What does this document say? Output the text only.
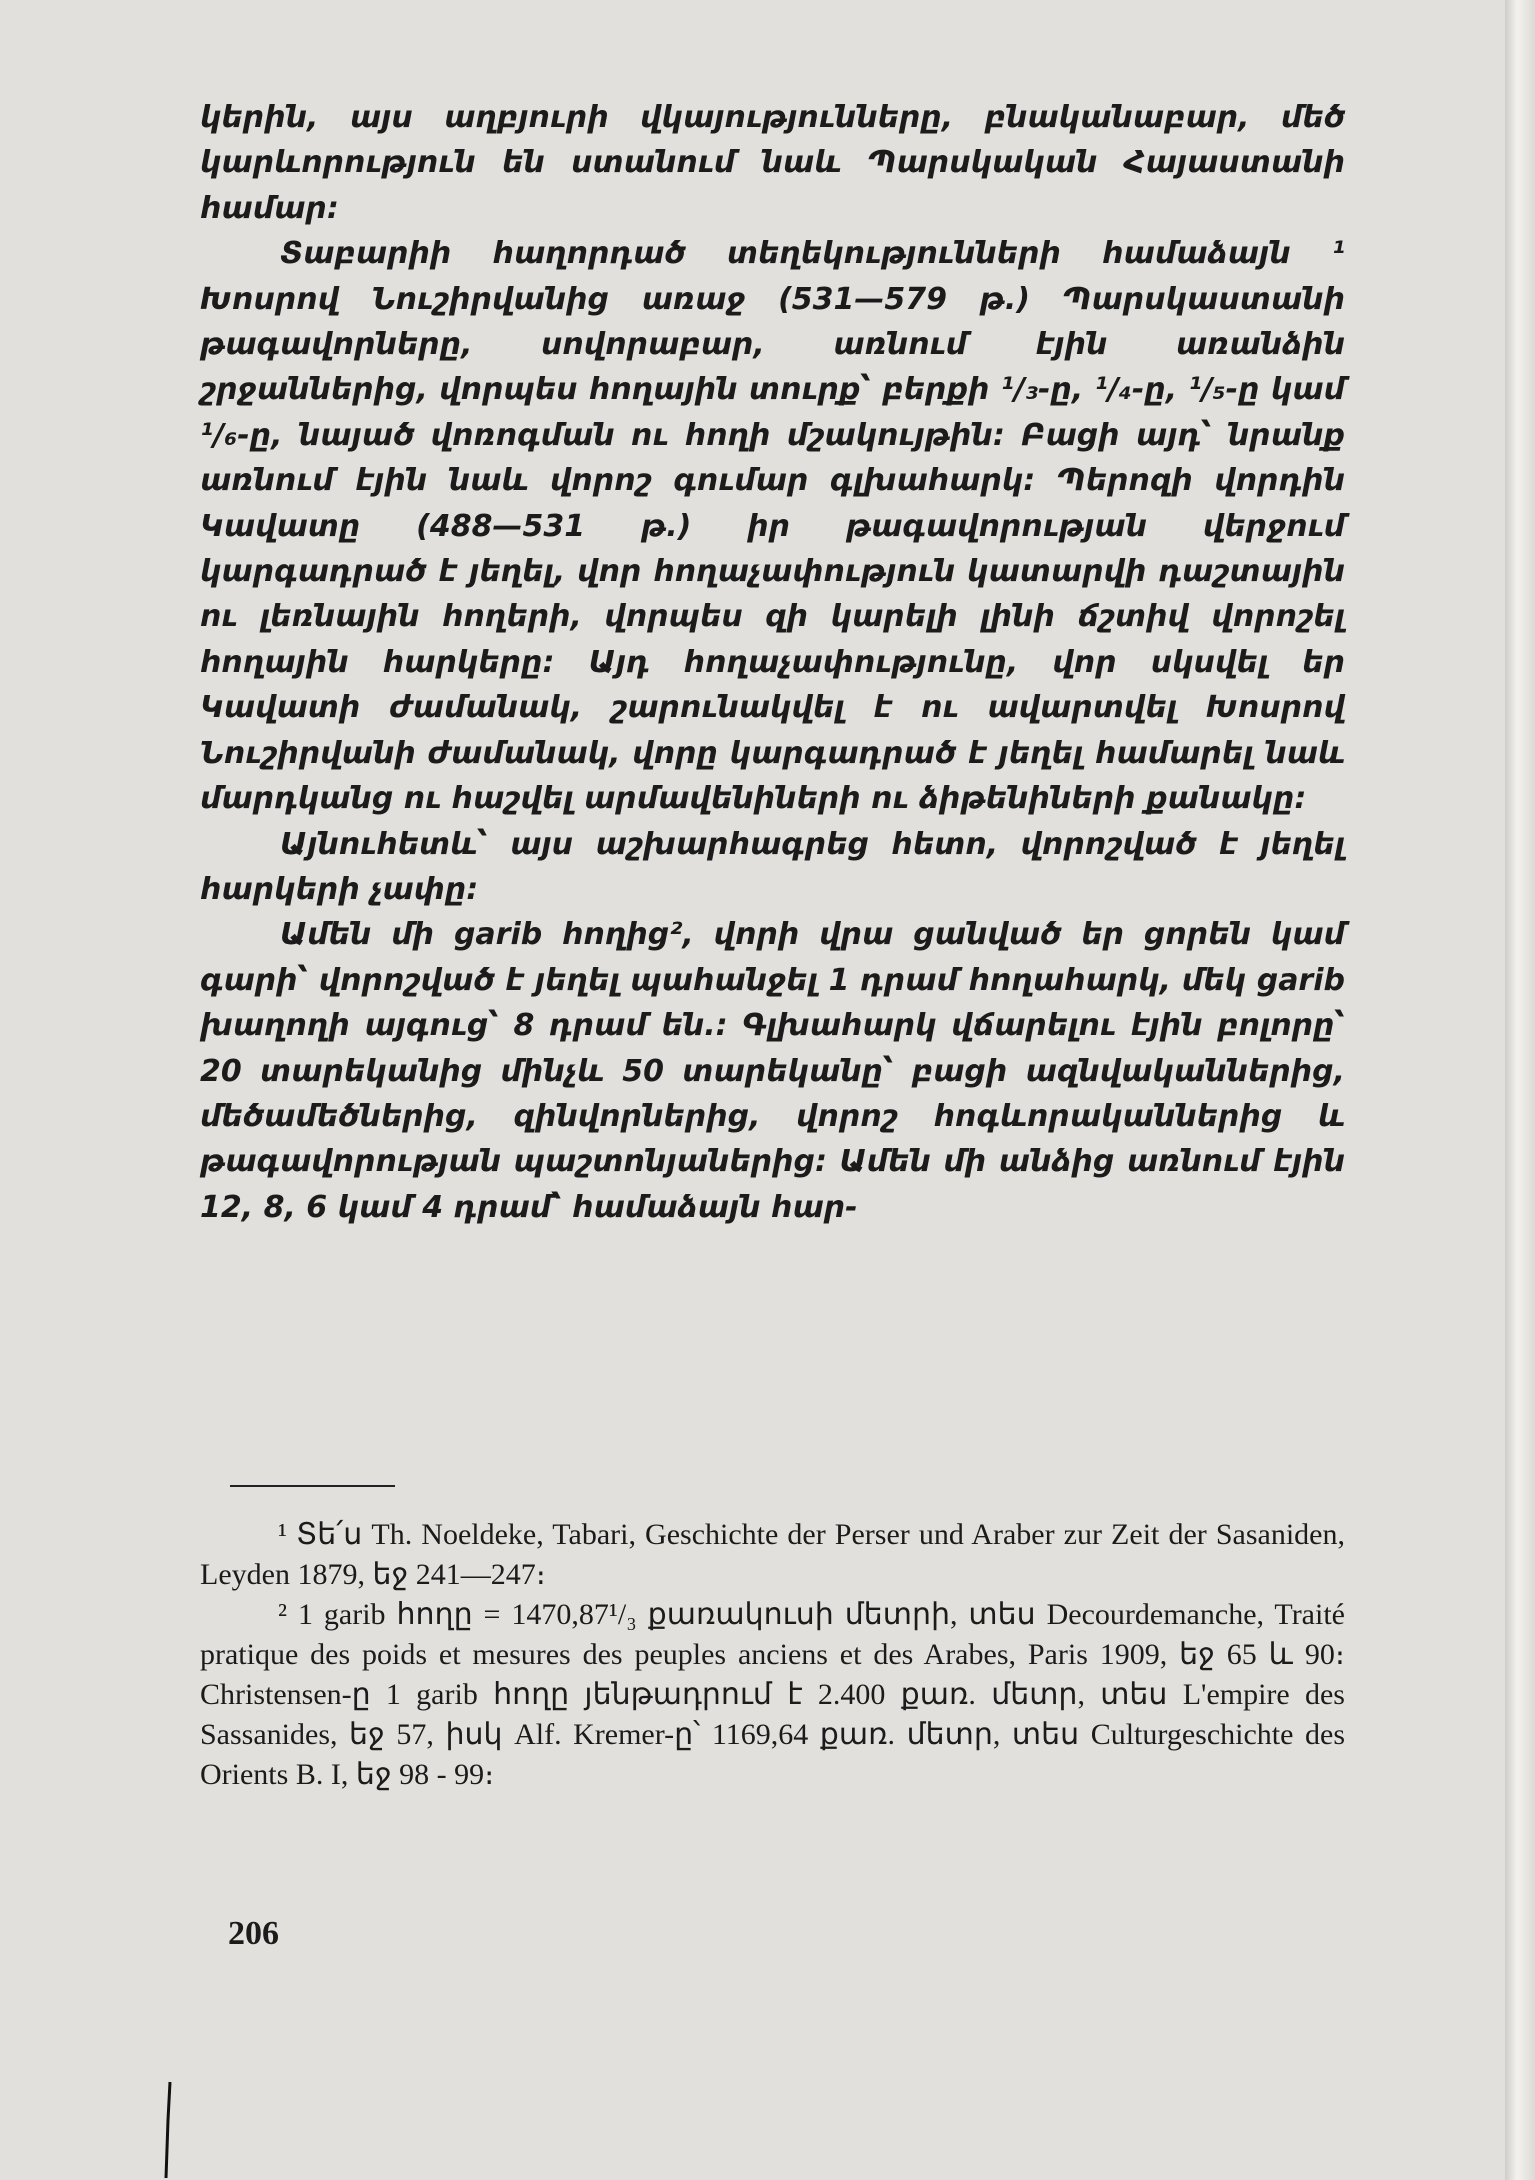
կերին, այս աղբյուրի վկայությունները, բնականաբար, մեծ կարևորություն են ստանում նաև Պարսկական Հայաստանի համար։

Տաբարիի հաղորդած տեղեկությունների համաձայն ¹ Խոսրով Նուշիրվանից առաջ (531—579 թ.) Պարսկաստանի թագավորները, սովորաբար, առնում էյին առանձին շրջաններից, վորպես հողային տուրք՝ բերքի ¹/₃-ը, ¹/₄-ը, ¹/₅-ը կամ ¹/₆-ը, նայած վոռոգման ու հողի մշակույթին։ Բացի այդ՝ նրանք առնում էյին նաև վորոշ գումար գլխահարկ։ Պերոզի վորդին Կավատը (488—531 թ.) իր թագավորության վերջում կարգադրած է յեղել, վոր հողաչափություն կատարվի դաշտային ու լեռնային հողերի, վորպես զի կարելի լինի ճշտիվ վորոշել հողային հարկերը։ Այդ հողաչափությունը, վոր սկսվել եր Կավատի ժամանակ, շարունակվել է ու ավարտվել Խոսրով Նուշիրվանի ժամանակ, վորը կարգադրած է յեղել համարել նաև մարդկանց ու հաշվել արմավենիների ու ձիթենիների քանակը։

Այնուհետև՝ այս աշխարհագրեց հետո, վորոշված է յեղել հարկերի չափը։

Ամեն մի garib հողից², վորի վրա ցանված եր ցորեն կամ գարի՝ վորոշված է յեղել պահանջել 1 դրամ հողահարկ, մեկ garib խաղողի այգուց՝ 8 դրամ են.։ Գլխահարկ վճարելու էյին բոլորը՝ 20 տարեկանից մինչև 50 տարեկանը՝ բացի ազնվականներից, մեծամեծներից, զինվորներից, վորոշ հոգևորականներից և թագավորության պաշտոնյաներից։ Ամեն մի անձից առնում էյին 12, 8, 6 կամ 4 դրամ՝ համաձայն հար-

¹ Տե՛ս Th. Noeldeke, Tabari, Geschichte der Perser und Araber zur Zeit der Sasaniden, Leyden 1879, եջ 241—247։

² 1 garib հողը = 1470,87¹/₃ քառակուսի մետրի, տես Decourdemanche, Traité pratique des poids et mesures des peuples anciens et des Arabes, Paris 1909, եջ 65 և 90։ Christensen-ը 1 garib հողը յենթադրում է 2.400 քառ. մետր, տես L'empire des Sassanides, եջ 57, իսկ Alf. Kremer-ը՝ 1169,64 քառ. մետր, տես Culturgeschichte des Orients B. I, եջ 98 - 99։

206
